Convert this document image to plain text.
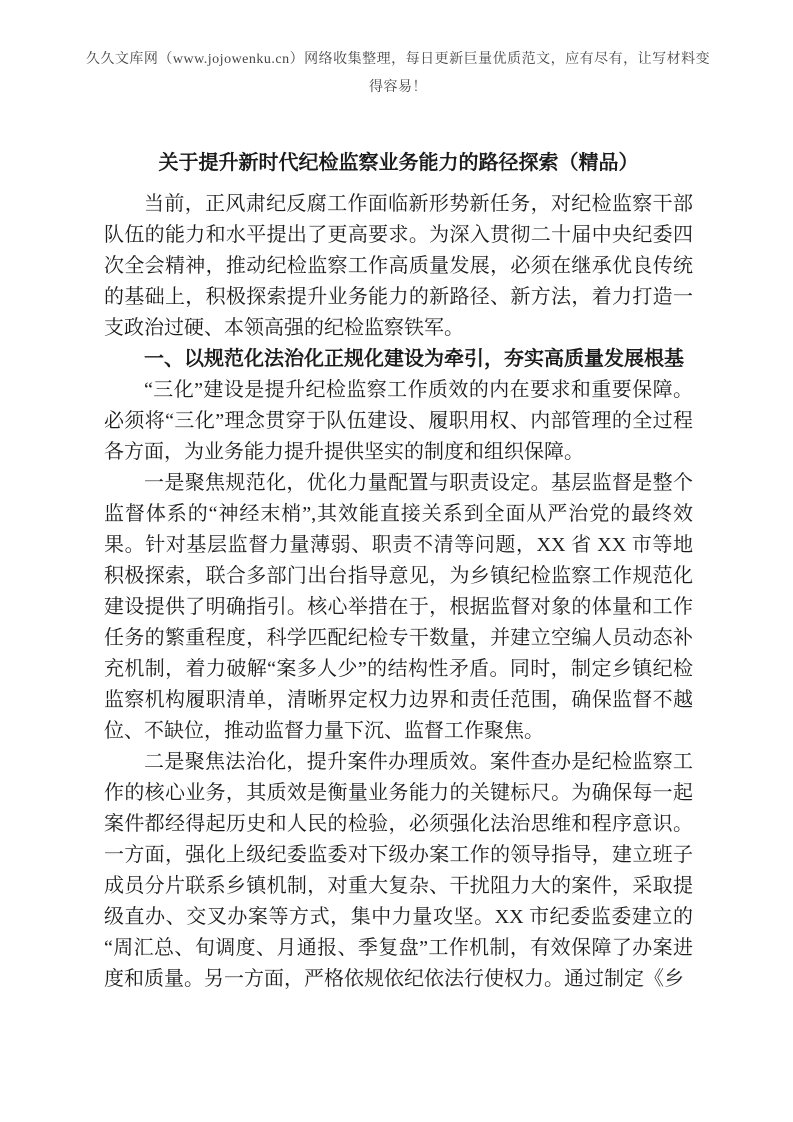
久久文库网（www.jojowenku.cn）网络收集整理，每日更新巨量优质范文，应有尽有，让写材料变得容易！
关于提升新时代纪检监察业务能力的路径探索（精品）

当前，正风肃纪反腐工作面临新形势新任务，对纪检监察干部队伍的能力和水平提出了更高要求。为深入贯彻二十届中央纪委四次全会精神，推动纪检监察工作高质量发展，必须在继承优良传统的基础上，积极探索提升业务能力的新路径、新方法，着力打造一支政治过硬、本领高强的纪检监察铁军。

一、以规范化法治化正规化建设为牵引，夯实高质量发展根基

“三化”建设是提升纪检监察工作质效的内在要求和重要保障。必须将“三化”理念贯穿于队伍建设、履职用权、内部管理的全过程各方面，为业务能力提升提供坚实的制度和组织保障。

一是聚焦规范化，优化力量配置与职责设定。基层监督是整个监督体系的“神经末梢”,其效能直接关系到全面从严治党的最终效果。针对基层监督力量薄弱、职责不清等问题，XX 省 XX 市等地积极探索，联合多部门出台指导意见，为乡镇纪检监察工作规范化建设提供了明确指引。核心举措在于，根据监督对象的体量和工作任务的繁重程度，科学匹配纪检专干数量，并建立空编人员动态补充机制，着力破解“案多人少”的结构性矛盾。同时，制定乡镇纪检监察机构履职清单，清晰界定权力边界和责任范围，确保监督不越位、不缺位，推动监督力量下沉、监督工作聚焦。

二是聚焦法治化，提升案件办理质效。案件查办是纪检监察工作的核心业务，其质效是衡量业务能力的关键标尺。为确保每一起案件都经得起历史和人民的检验，必须强化法治思维和程序意识。一方面，强化上级纪委监委对下级办案工作的领导指导，建立班子成员分片联系乡镇机制，对重大复杂、干扰阻力大的案件，采取提级直办、交叉办案等方式，集中力量攻坚。XX 市纪委监委建立的“周汇总、旬调度、月通报、季复盘”工作机制，有效保障了办案进度和质量。另一方面，严格依规依纪依法行使权力。通过制定《乡
